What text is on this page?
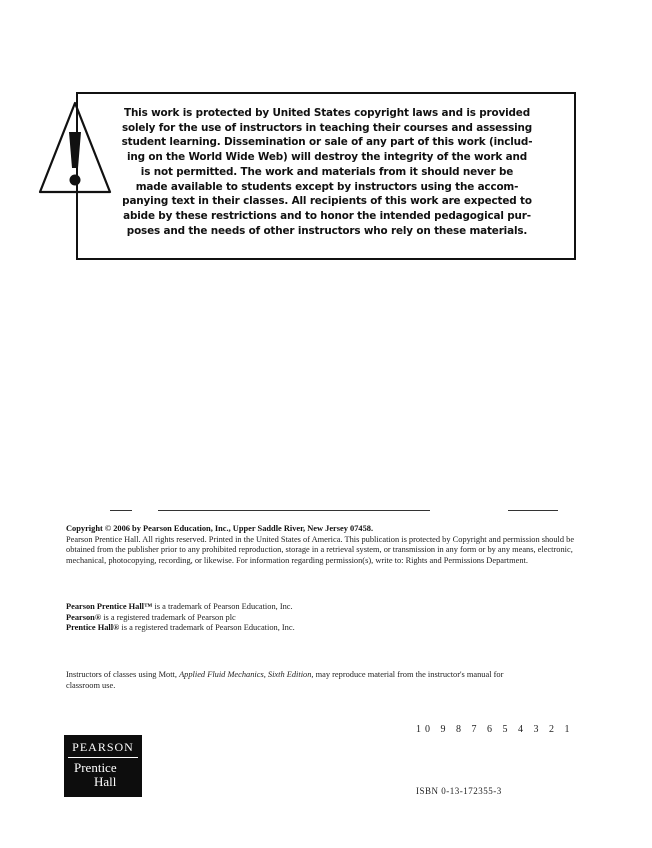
This work is protected by United States copyright laws and is provided
solely for the use of instructors in teaching their courses and assessing
student learning. Dissemination or sale of any part of this work (includ-
ing on the World Wide Web) will destroy the integrity of the work and
is not permitted. The work and materials from it should never be
made available to students except by instructors using the accom-
panying text in their classes. All recipients of this work are expected to
abide by these restrictions and to honor the intended pedagogical pur-
poses and the needs of other instructors who rely on these materials.

Copyright © 2006 by Pearson Education, Inc., Upper Saddle River, New Jersey 07458.

Pearson Prentice Hall. All rights reserved. Printed in the United States of America. This publication is protected by Copyright and permission should be obtained from the publisher prior to any prohibited reproduction, storage in a retrieval system, or transmission in any form or by any means, electronic, mechanical, photocopying, recording, or likewise. For information regarding permission(s), write to: Rights and Permissions Department.

Pearson Prentice Hall™ is a trademark of Pearson Education, Inc.

Pearson® is a registered trademark of Pearson plc

Prentice Hall® is a registered trademark of Pearson Education, Inc.

Instructors of classes using Mott, Applied Fluid Mechanics, Sixth Edition, may reproduce material from the instructor's manual for classroom use.

10 9 8 7 6 5 4 3 2 1
PEARSON
Prentice
Hall
ISBN 0-13-172355-3
